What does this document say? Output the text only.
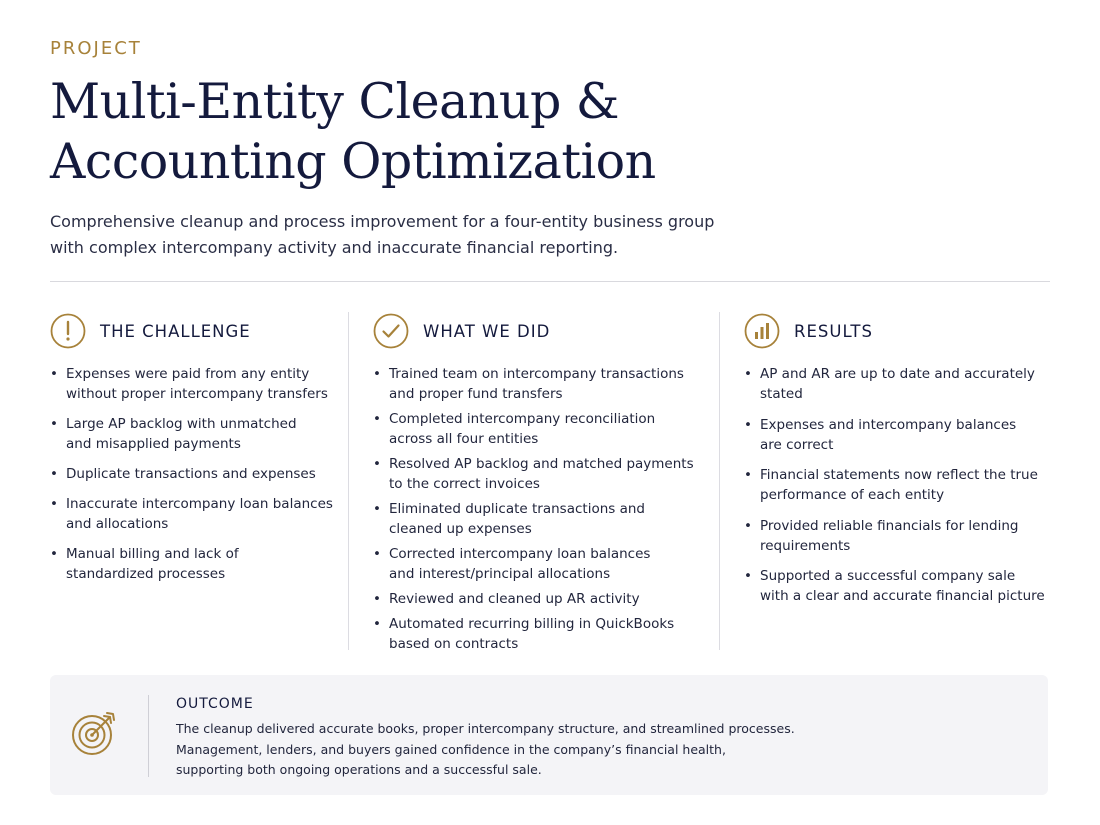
PROJECT
Multi-Entity Cleanup &
Accounting Optimization

Comprehensive cleanup and process improvement for a four-entity business group
with complex intercompany activity and inaccurate financial reporting.

THE CHALLENGE
• Expenses were paid from any entity
without proper intercompany transfers
• Large AP backlog with unmatched
and misapplied payments
• Duplicate transactions and expenses
• Inaccurate intercompany loan balances
and allocations
• Manual billing and lack of
standardized processes
WHAT WE DID
• Trained team on intercompany transactions
and proper fund transfers
• Completed intercompany reconciliation
across all four entities
• Resolved AP backlog and matched payments
to the correct invoices
• Eliminated duplicate transactions and
cleaned up expenses
• Corrected intercompany loan balances
and interest/principal allocations
• Reviewed and cleaned up AR activity
• Automated recurring billing in QuickBooks
based on contracts
RESULTS
• AP and AR are up to date and accurately
stated
• Expenses and intercompany balances
are correct
• Financial statements now reflect the true
performance of each entity
• Provided reliable financials for lending
requirements
• Supported a successful company sale
with a clear and accurate financial picture
OUTCOME

The cleanup delivered accurate books, proper intercompany structure, and streamlined processes.
Management, lenders, and buyers gained confidence in the company’s financial health,
supporting both ongoing operations and a successful sale.
